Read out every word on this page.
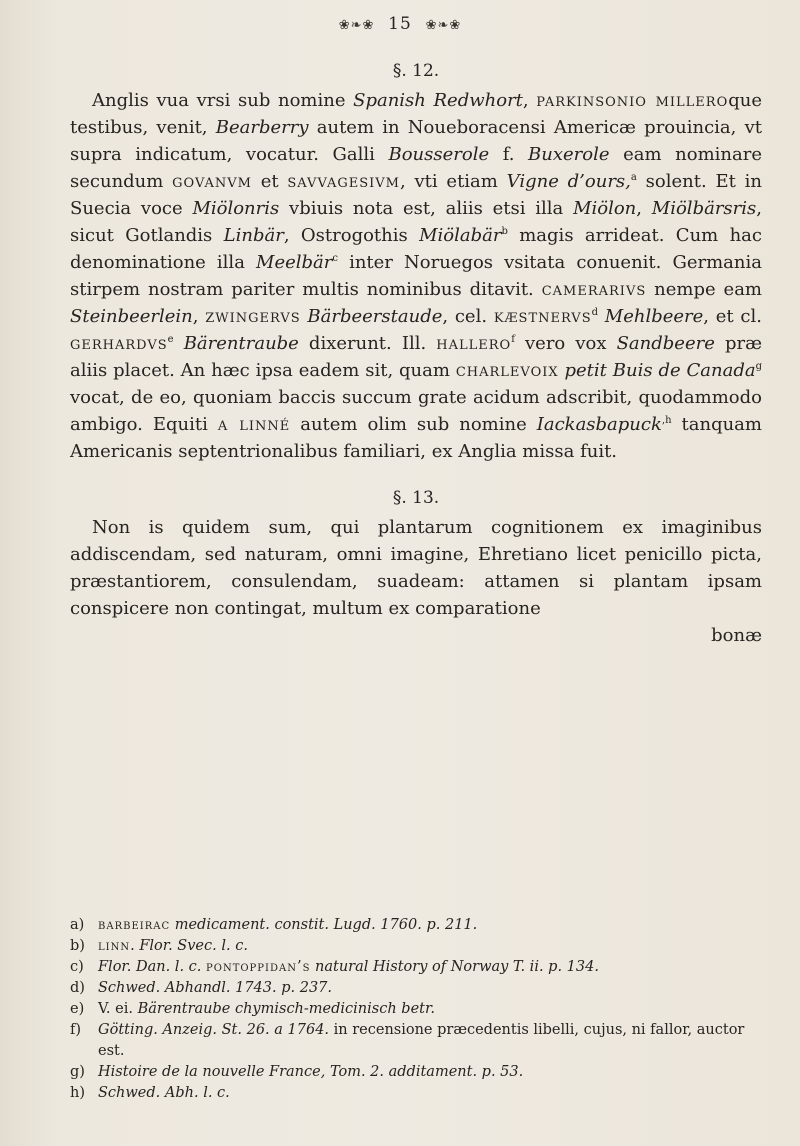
❀❧❀ 15 ❀❧❀
§. 12.

Anglis vua vrsi sub nomine Spanish Redwhort, parkinsonio milleroque testibus, venit, Bearberry autem in Noueboracensi Americæ prouincia, vt supra indicatum, vocatur. Galli Bousserole f. Buxerole eam nominare secundum govanvm et savvagesivm, vti etiam Vigne d’ours,$^a$ solent. Et in Suecia voce Miölonris vbiuis nota est, aliis etsi illa Miölon, Miölbärsris, sicut Gotlandis Linbär, Ostrogothis Miölabär$^b$ magis arrideat. Cum hac denominatione illa Meelbär$^c$ inter Noruegos vsitata conuenit. Germania stirpem nostram pariter multis nominibus ditavit. camerarivs nempe eam Steinbeerlein, zwingervs Bärbeerstaude, cel. kæstnervs$^d$ Mehlbeere, et cl. gerhardvs$^e$ Bärentraube dixerunt. Ill. hallero$^f$ vero vox Sandbeere præ aliis placet. An hæc ipsa eadem sit, quam charlevoix petit Buis de Canada$^g$ vocat, de eo, quoniam baccis succum grate acidum adscribit, quodammodo ambigo. Equiti a linné autem olim sub nomine Iackasbapuck$^{,h}$ tanquam Americanis septentrionalibus familiari, ex Anglia missa fuit.

§. 13.

Non is quidem sum, qui plantarum cognitionem ex imaginibus addiscendam, sed naturam, omni imagine, Ehretiano licet penicillo picta, præstantiorem, consulendam, suadeam: attamen si plantam ipsam conspicere non contingat, multum ex comparatione

bonæ

a) barbeirac medicament. constit. Lugd. 1760. p. 211.

b) linn. Flor. Svec. l. c.

c) Flor. Dan. l. c. pontoppidan’s natural History of Norway T. ii. p. 134.

d) Schwed. Abhandl. 1743. p. 237.

e) V. ei. Bärentraube chymisch-medicinisch betr.

f) Götting. Anzeig. St. 26. a 1764. in recensione præcedentis libelli, cujus, ni fallor, auctor est.

g) Histoire de la nouvelle France, Tom. 2. additament. p. 53.

h) Schwed. Abh. l. c.
